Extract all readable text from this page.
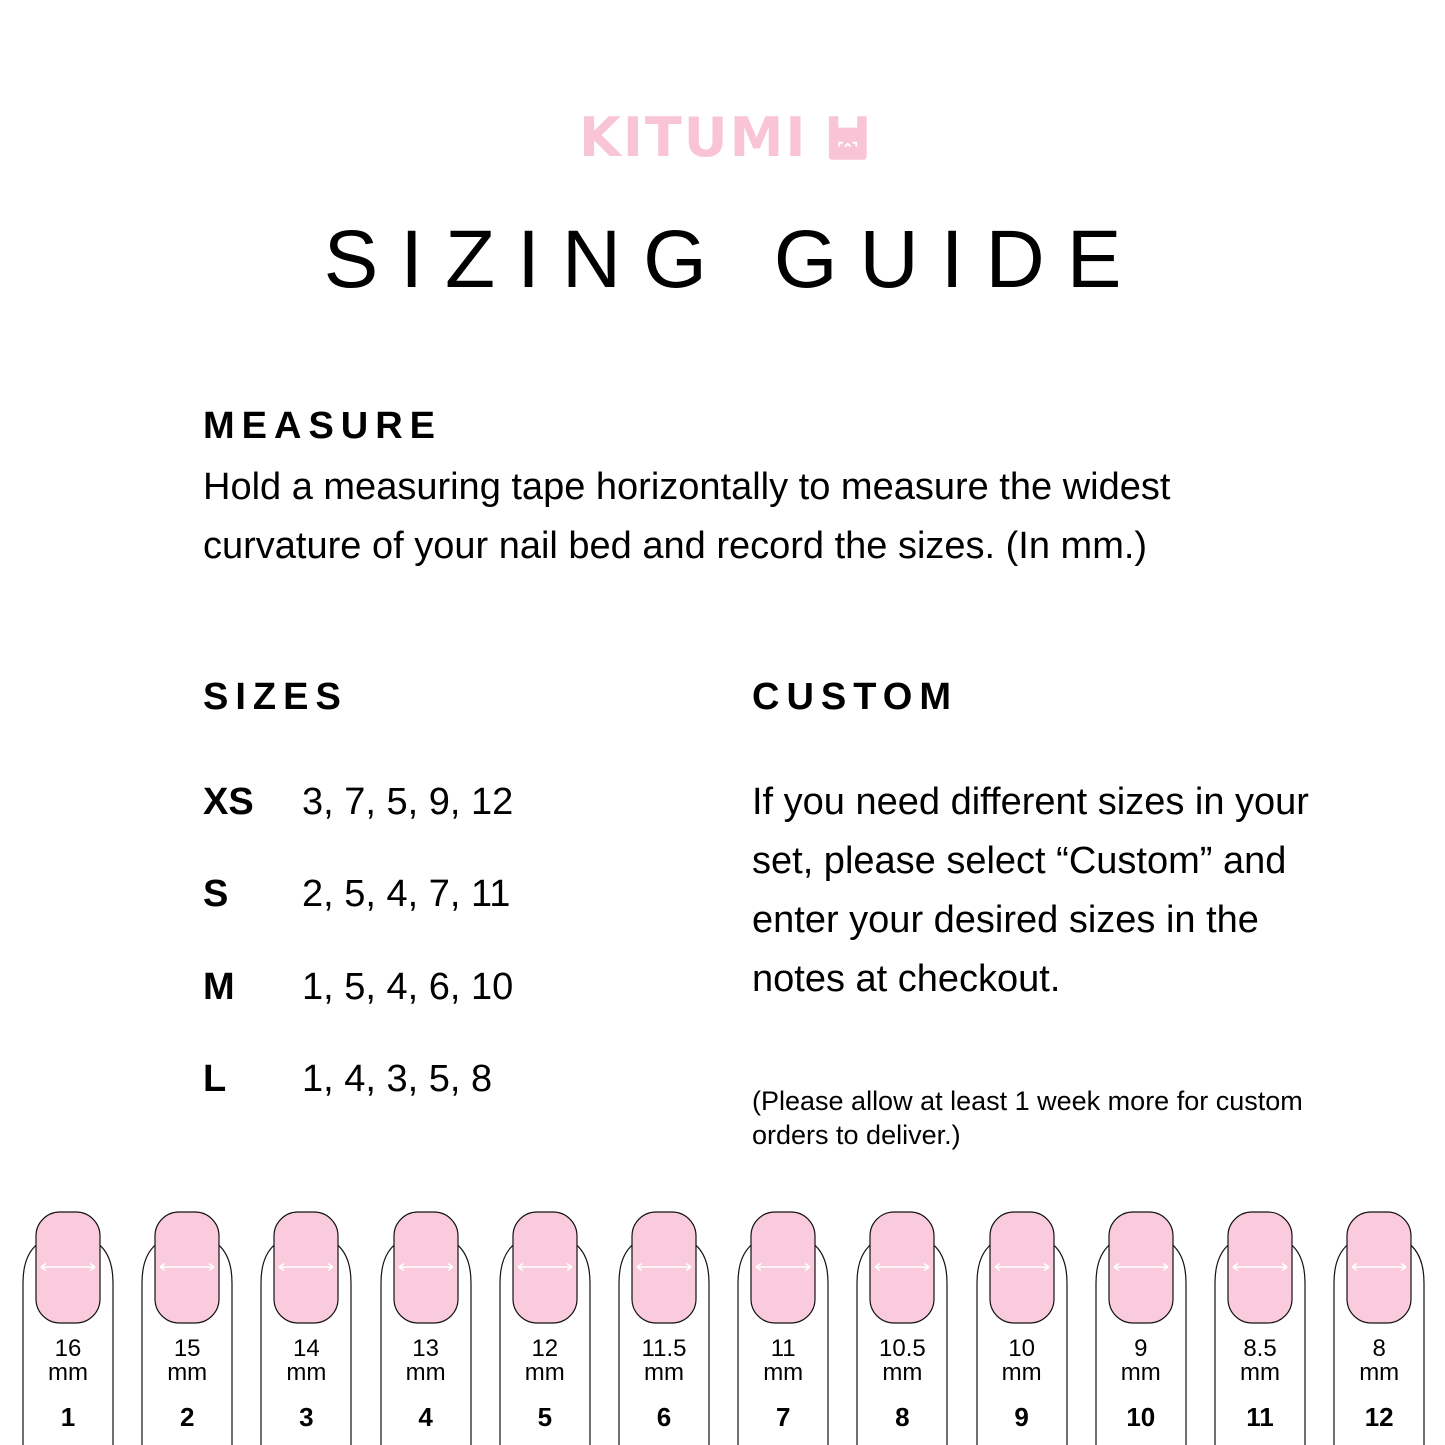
KITUMI
SIZING GUIDE
MEASURE
Hold a measuring tape horizontally to measure the widest curvature of your nail bed and record the sizes. (In mm.)
SIZES
XS 3, 7, 5, 9, 12
S 2, 5, 4, 7, 11
M 1, 5, 4, 6, 10
L 1, 4, 3, 5, 8
CUSTOM
If you need different sizes in your set, please select “Custom” and enter your desired sizes in the notes at checkout.
(Please allow at least 1 week more for custom orders to deliver.)
16
mm
1
15
mm
2
14
mm
3
13
mm
4
12
mm
5
11.5
mm
6
11
mm
7
10.5
mm
8
10
mm
9
9
mm
10
8.5
mm
11
8
mm
12
